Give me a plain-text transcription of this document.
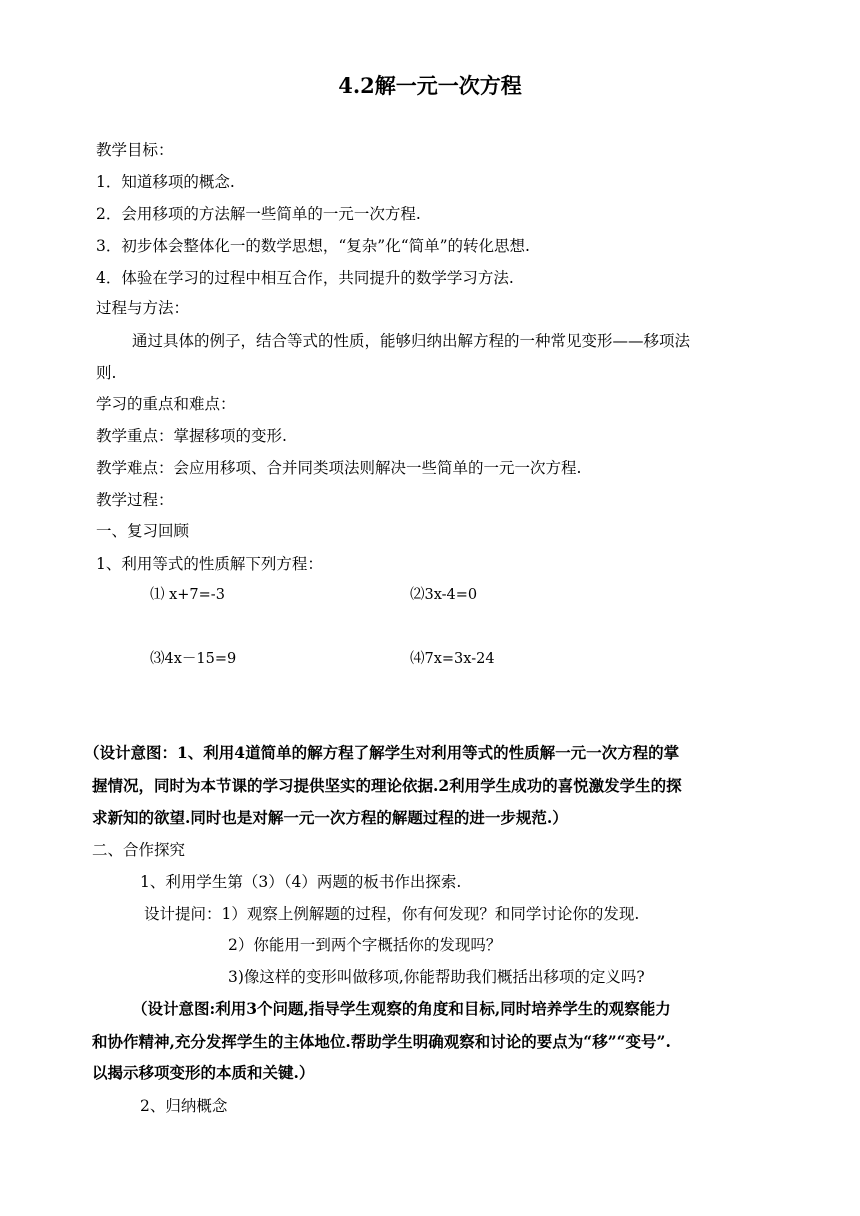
4.2解一元一次方程
教学目标：
1．知道移项的概念.
2．会用移项的方法解一些简单的一元一次方程.
3．初步体会整体化一的数学思想，“复杂”化“简单”的转化思想.
4．体验在学习的过程中相互合作，共同提升的数学学习方法.
过程与方法：
通过具体的例子，结合等式的性质，能够归纳出解方程的一种常见变形——移项法
则.
学习的重点和难点：
教学重点：掌握移项的变形.
教学难点：会应用移项、合并同类项法则解决一些简单的一元一次方程.
教学过程：
一、复习回顾
1、利用等式的性质解下列方程：
⑴ x+7=-3	⑵3x-4=0
⑶4x－15=9	⑷7x=3x-24
（设计意图：1、利用4道简单的解方程了解学生对利用等式的性质解一元一次方程的掌
握情况，同时为本节课的学习提供坚实的理论依据.2利用学生成功的喜悦激发学生的探
求新知的欲望.同时也是对解一元一次方程的解题过程的进一步规范.）
二、合作探究
1、利用学生第（3）（4）两题的板书作出探索.
设计提问：1）观察上例解题的过程，你有何发现？和同学讨论你的发现.
2）你能用一到两个字概括你的发现吗？
3)像这样的变形叫做移项,你能帮助我们概括出移项的定义吗?
（设计意图:利用3个问题,指导学生观察的角度和目标,同时培养学生的观察能力
和协作精神,充分发挥学生的主体地位.帮助学生明确观察和讨论的要点为“移”“变号”.
以揭示移项变形的本质和关键.）
2、归纳概念
